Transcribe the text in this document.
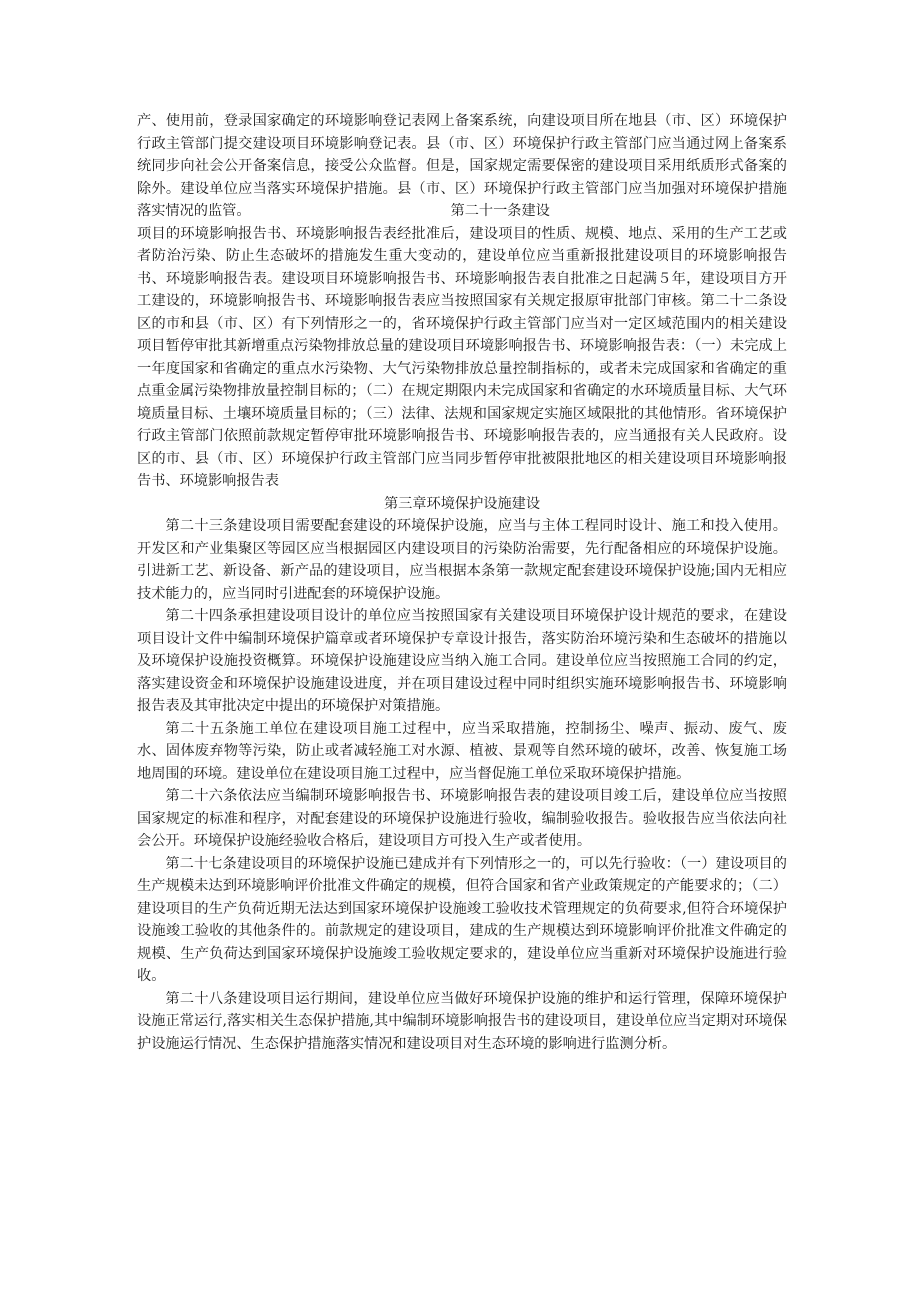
产、使用前，登录国家确定的环境影响登记表网上备案系统，向建设项目所在地县（市、区）环境保护行政主管部门提交建设项目环境影响登记表。县（市、区）环境保护行政主管部门应当通过网上备案系统同步向社会公开备案信息，接受公众监督。但是，国家规定需要保密的建设项目采用纸质形式备案的除外。建设单位应当落实环境保护措施。县（市、区）环境保护行政主管部门应当加强对环境保护措施落实情况的监管。	第二十一条建设

项目的环境影响报告书、环境影响报告表经批准后，建设项目的性质、规模、地点、采用的生产工艺或者防治污染、防止生态破坏的措施发生重大变动的，建设单位应当重新报批建设项目的环境影响报告书、环境影响报告表。建设项目环境影响报告书、环境影响报告表自批准之日起满５年，建设项目方开工建设的，环境影响报告书、环境影响报告表应当按照国家有关规定报原审批部门审核。第二十二条设区的市和县（市、区）有下列情形之一的，省环境保护行政主管部门应当对一定区域范围内的相关建设项目暂停审批其新增重点污染物排放总量的建设项目环境影响报告书、环境影响报告表：（一）未完成上一年度国家和省确定的重点水污染物、大气污染物排放总量控制指标的，或者未完成国家和省确定的重点重金属污染物排放量控制目标的；（二）在规定期限内未完成国家和省确定的水环境质量目标、大气环境质量目标、土壤环境质量目标的；（三）法律、法规和国家规定实施区域限批的其他情形。省环境保护行政主管部门依照前款规定暂停审批环境影响报告书、环境影响报告表的，应当通报有关人民政府。设区的市、县（市、区）环境保护行政主管部门应当同步暂停审批被限批地区的相关建设项目环境影响报告书、环境影响报告表

第三章环境保护设施建设

第二十三条建设项目需要配套建设的环境保护设施，应当与主体工程同时设计、施工和投入使用。开发区和产业集聚区等园区应当根据园区内建设项目的污染防治需要，先行配备相应的环境保护设施。引进新工艺、新设备、新产品的建设项目，应当根据本条第一款规定配套建设环境保护设施;国内无相应技术能力的，应当同时引进配套的环境保护设施。

第二十四条承担建设项目设计的单位应当按照国家有关建设项目环境保护设计规范的要求，在建设项目设计文件中编制环境保护篇章或者环境保护专章设计报告，落实防治环境污染和生态破坏的措施以及环境保护设施投资概算。环境保护设施建设应当纳入施工合同。建设单位应当按照施工合同的约定，落实建设资金和环境保护设施建设进度，并在项目建设过程中同时组织实施环境影响报告书、环境影响报告表及其审批决定中提出的环境保护对策措施。

第二十五条施工单位在建设项目施工过程中，应当采取措施，控制扬尘、噪声、振动、废气、废水、固体废弃物等污染，防止或者减轻施工对水源、植被、景观等自然环境的破坏，改善、恢复施工场地周围的环境。建设单位在建设项目施工过程中，应当督促施工单位采取环境保护措施。

第二十六条依法应当编制环境影响报告书、环境影响报告表的建设项目竣工后，建设单位应当按照国家规定的标准和程序，对配套建设的环境保护设施进行验收，编制验收报告。验收报告应当依法向社会公开。环境保护设施经验收合格后，建设项目方可投入生产或者使用。

第二十七条建设项目的环境保护设施已建成并有下列情形之一的，可以先行验收：（一）建设项目的生产规模未达到环境影响评价批准文件确定的规模，但符合国家和省产业政策规定的产能要求的；（二）建设项目的生产负荷近期无法达到国家环境保护设施竣工验收技术管理规定的负荷要求,但符合环境保护设施竣工验收的其他条件的。前款规定的建设项目，建成的生产规模达到环境影响评价批准文件确定的规模、生产负荷达到国家环境保护设施竣工验收规定要求的，建设单位应当重新对环境保护设施进行验收。

第二十八条建设项目运行期间，建设单位应当做好环境保护设施的维护和运行管理，保障环境保护设施正常运行,落实相关生态保护措施,其中编制环境影响报告书的建设项目，建设单位应当定期对环境保护设施运行情况、生态保护措施落实情况和建设项目对生态环境的影响进行监测分析。
